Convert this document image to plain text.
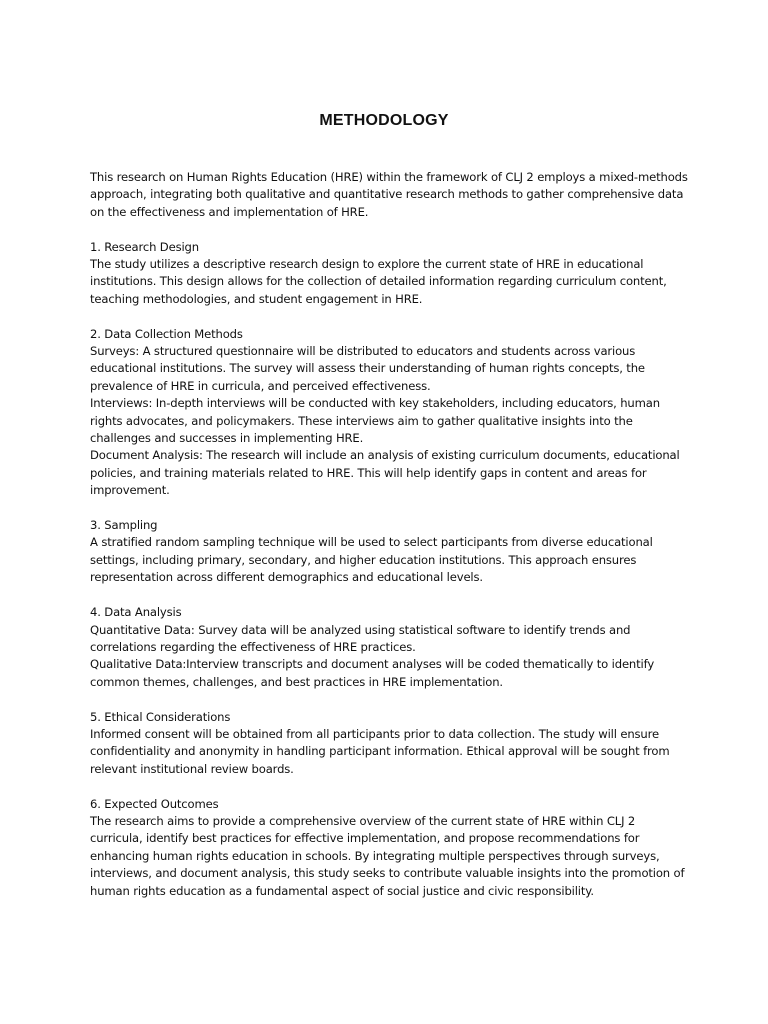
METHODOLOGY
This research on Human Rights Education (HRE) within the framework of CLJ 2 employs a mixed-methods
approach, integrating both qualitative and quantitative research methods to gather comprehensive data
on the effectiveness and implementation of HRE.
1. Research Design
The study utilizes a descriptive research design to explore the current state of HRE in educational
institutions. This design allows for the collection of detailed information regarding curriculum content,
teaching methodologies, and student engagement in HRE.
2. Data Collection Methods
Surveys: A structured questionnaire will be distributed to educators and students across various
educational institutions. The survey will assess their understanding of human rights concepts, the
prevalence of HRE in curricula, and perceived effectiveness.
Interviews: In-depth interviews will be conducted with key stakeholders, including educators, human
rights advocates, and policymakers. These interviews aim to gather qualitative insights into the
challenges and successes in implementing HRE.
Document Analysis: The research will include an analysis of existing curriculum documents, educational
policies, and training materials related to HRE. This will help identify gaps in content and areas for
improvement.
3. Sampling
A stratified random sampling technique will be used to select participants from diverse educational
settings, including primary, secondary, and higher education institutions. This approach ensures
representation across different demographics and educational levels.
4. Data Analysis
Quantitative Data: Survey data will be analyzed using statistical software to identify trends and
correlations regarding the effectiveness of HRE practices.
Qualitative Data:Interview transcripts and document analyses will be coded thematically to identify
common themes, challenges, and best practices in HRE implementation.
5. Ethical Considerations
Informed consent will be obtained from all participants prior to data collection. The study will ensure
confidentiality and anonymity in handling participant information. Ethical approval will be sought from
relevant institutional review boards.
6. Expected Outcomes
The research aims to provide a comprehensive overview of the current state of HRE within CLJ 2
curricula, identify best practices for effective implementation, and propose recommendations for
enhancing human rights education in schools. By integrating multiple perspectives through surveys,
interviews, and document analysis, this study seeks to contribute valuable insights into the promotion of
human rights education as a fundamental aspect of social justice and civic responsibility.
